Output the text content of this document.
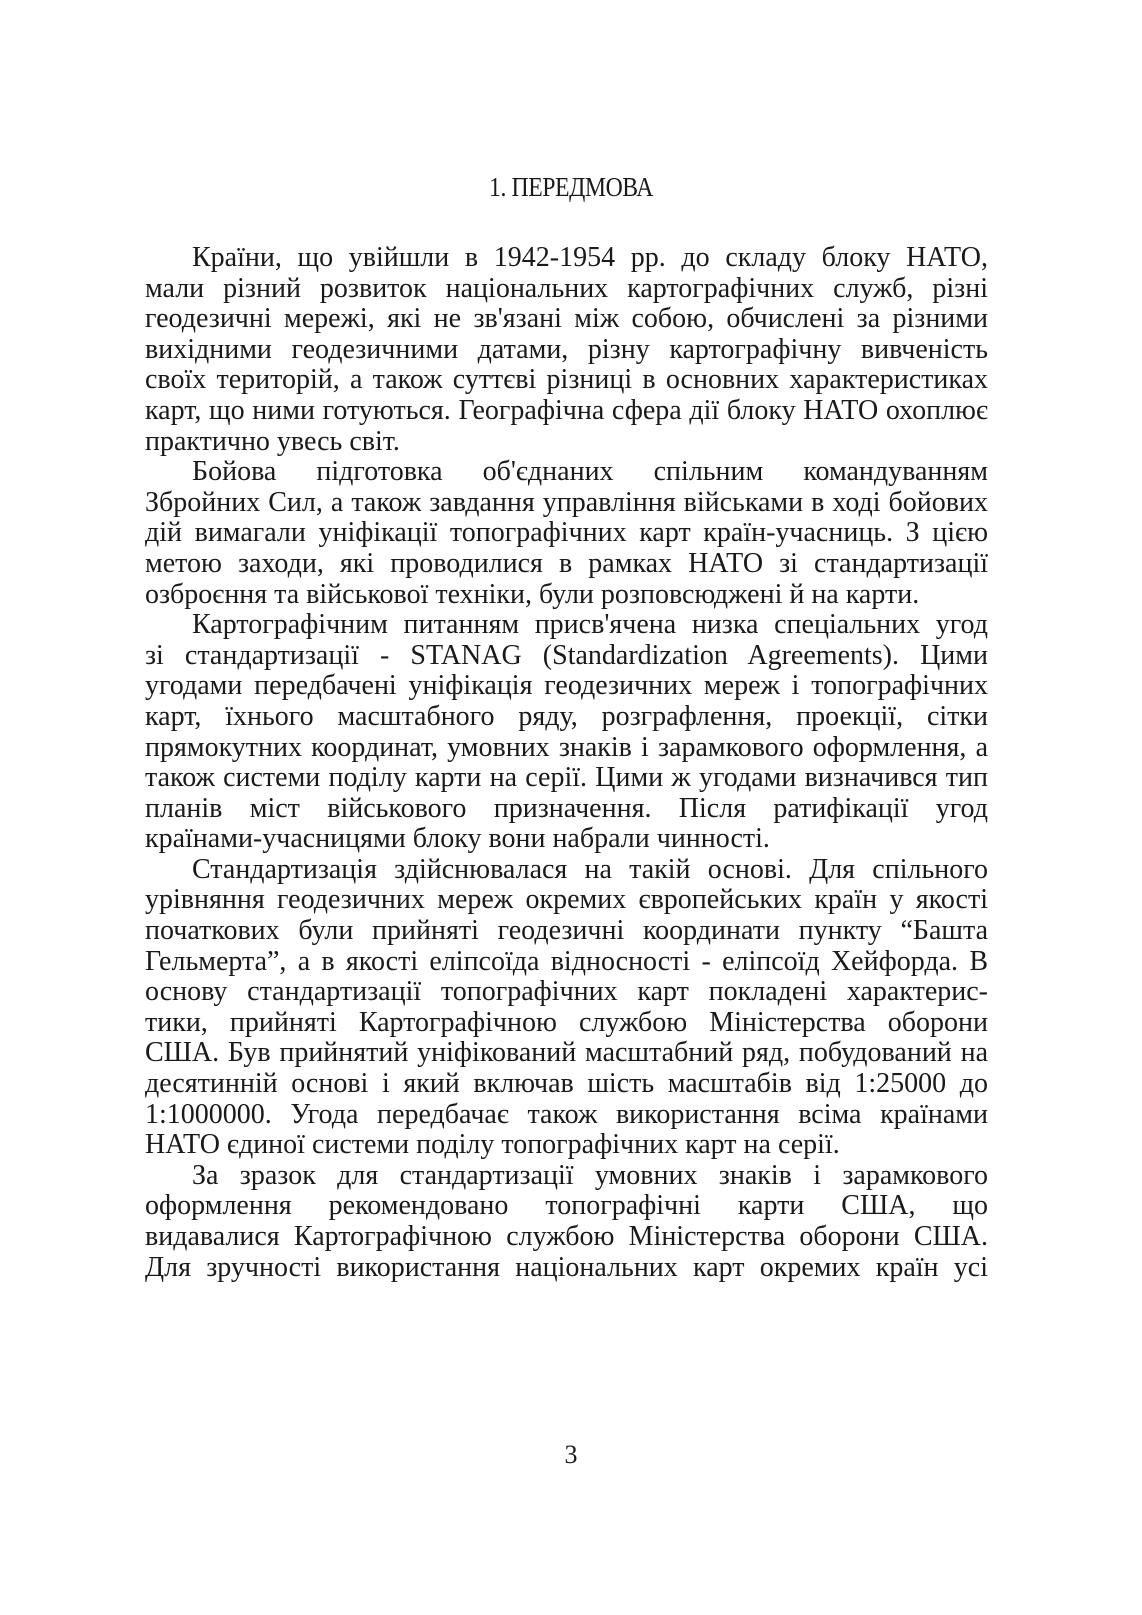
1. ПЕРЕДМОВА
Країни, що увійшли в 1942-1954 рр. до складу блоку НАТО,
мали різний розвиток національних картографічних служб, різні
геодезичні мережі, які не зв'язані між собою, обчислені за різними
вихідними геодезичними датами, різну картографічну вивченість
своїх територій, а також суттєві різниці в основних характеристиках
карт, що ними готуються. Географічна сфера дії блоку НАТО охоплює
практично увесь світ.
Бойова підготовка об'єднаних спільним командуванням
Збройних Сил, а також завдання управління військами в ході бойових
дій вимагали уніфікації топографічних карт країн-учасниць. З цією
метою заходи, які проводилися в рамках НАТО зі стандартизації
озброєння та військової техніки, були розповсюджені й на карти.
Картографічним питанням присв'ячена низка спеціальних угод
зі стандартизації - STANAG (Standardization Agreements). Цими
угодами передбачені уніфікація геодезичних мереж і топографічних
карт, їхнього масштабного ряду, розграфлення, проекції, сітки
прямокутних координат, умовних знаків і зарамкового оформлення, а
також системи поділу карти на серії. Цими ж угодами визначився тип
планів міст військового призначення. Після ратифікації угод
країнами-учасницями блоку вони набрали чинності.
Стандартизація здійснювалася на такій основі. Для спільного
урівняння геодезичних мереж окремих європейських країн у якості
початкових були прийняті геодезичні координати пункту “Башта
Гельмерта”, а в якості еліпсоїда відносності - еліпсоїд Хейфорда. В
основу стандартизації топографічних карт покладені характерис-
тики, прийняті Картографічною службою Міністерства оборони
США. Був прийнятий уніфікований масштабний ряд, побудований на
десятинній основі і який включав шість масштабів від 1:25000 до
1:1000000. Угода передбачає також використання всіма країнами
НАТО єдиної системи поділу топографічних карт на серії.
За зразок для стандартизації умовних знаків і зарамкового
оформлення рекомендовано топографічні карти США, що
видавалися Картографічною службою Міністерства оборони США.
Для зручності використання національних карт окремих країн усі
3
